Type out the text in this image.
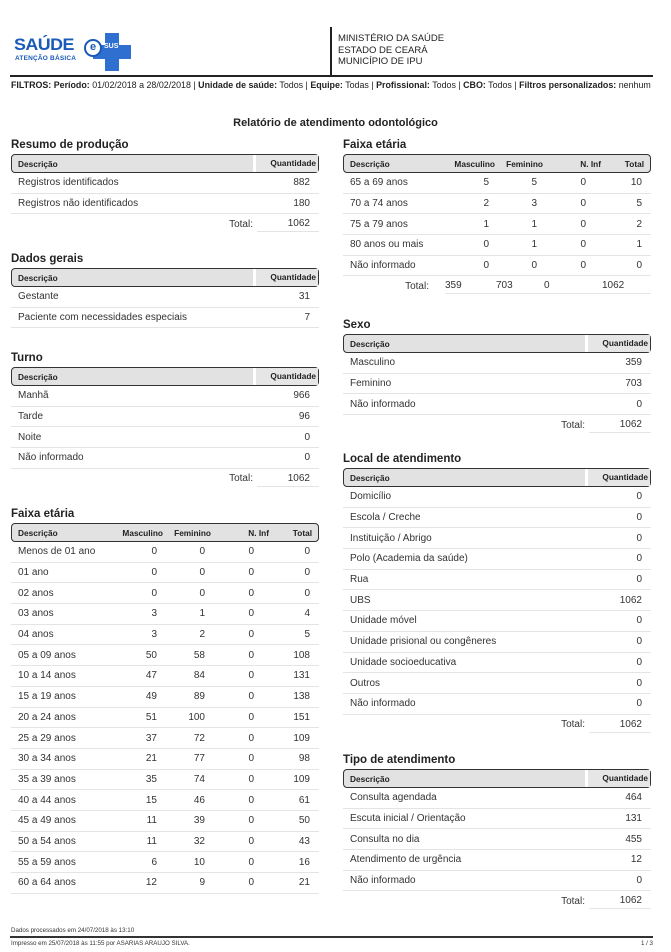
SAÚDE
ATENÇÃO BÁSICA
e	SUS
MINISTÉRIO DA SAÚDE
ESTADO DE CEARÁ
MUNICÍPIO DE IPU
FILTROS: Período: 01/02/2018 a 28/02/2018 | Unidade de saúde: Todos | Equipe: Todas | Profissional: Todos | CBO: Todos | Filtros personalizados: nenhum
Relatório de atendimento odontológico
Resumo de produção
Descrição	Quantidade
Registros identificados	882
Registros não identificados	180
Total:	1062
Dados gerais
Descrição	Quantidade
Gestante	31
Paciente com necessidades especiais	7
Turno
Descrição	Quantidade
Manhã	966
Tarde	96
Noite	0
Não informado	0
Total:	1062
Faixa etária
Descrição	Masculino	Feminino	N. Inf	Total
Menos de 01 ano	0	0	0	0
01 ano	0	0	0	0
02 anos	0	0	0	0
03 anos	3	1	0	4
04 anos	3	2	0	5
05 a 09 anos	50	58	0	108
10 a 14 anos	47	84	0	131
15 a 19 anos	49	89	0	138
20 a 24 anos	51	100	0	151
25 a 29 anos	37	72	0	109
30 a 34 anos	21	77	0	98
35 a 39 anos	35	74	0	109
40 a 44 anos	15	46	0	61
45 a 49 anos	11	39	0	50
50 a 54 anos	11	32	0	43
55 a 59 anos	6	10	0	16
60 a 64 anos	12	9	0	21
Faixa etária
Descrição	Masculino	Feminino	N. Inf	Total
65 a 69 anos	5	5	0	10
70 a 74 anos	2	3	0	5
75 a 79 anos	1	1	0	2
80 anos ou mais	0	1	0	1
Não informado	0	0	0	0
Total:	359	703	0	1062
Sexo
Descrição	Quantidade
Masculino	359
Feminino	703
Não informado	0
Total:	1062
Local de atendimento
Descrição	Quantidade
Domicílio	0
Escola / Creche	0
Instituição / Abrigo	0
Polo (Academia da saúde)	0
Rua	0
UBS	1062
Unidade móvel	0
Unidade prisional ou congêneres	0
Unidade socioeducativa	0
Outros	0
Não informado	0
Total:	1062
Tipo de atendimento
Descrição	Quantidade
Consulta agendada	464
Escuta inicial / Orientação	131
Consulta no dia	455
Atendimento de urgência	12
Não informado	0
Total:	1062
Dados processados em 24/07/2018 às 13:10
Impresso em 25/07/2018 às 11:55 por ASARIAS ARAUJO SILVA.	1 / 3
